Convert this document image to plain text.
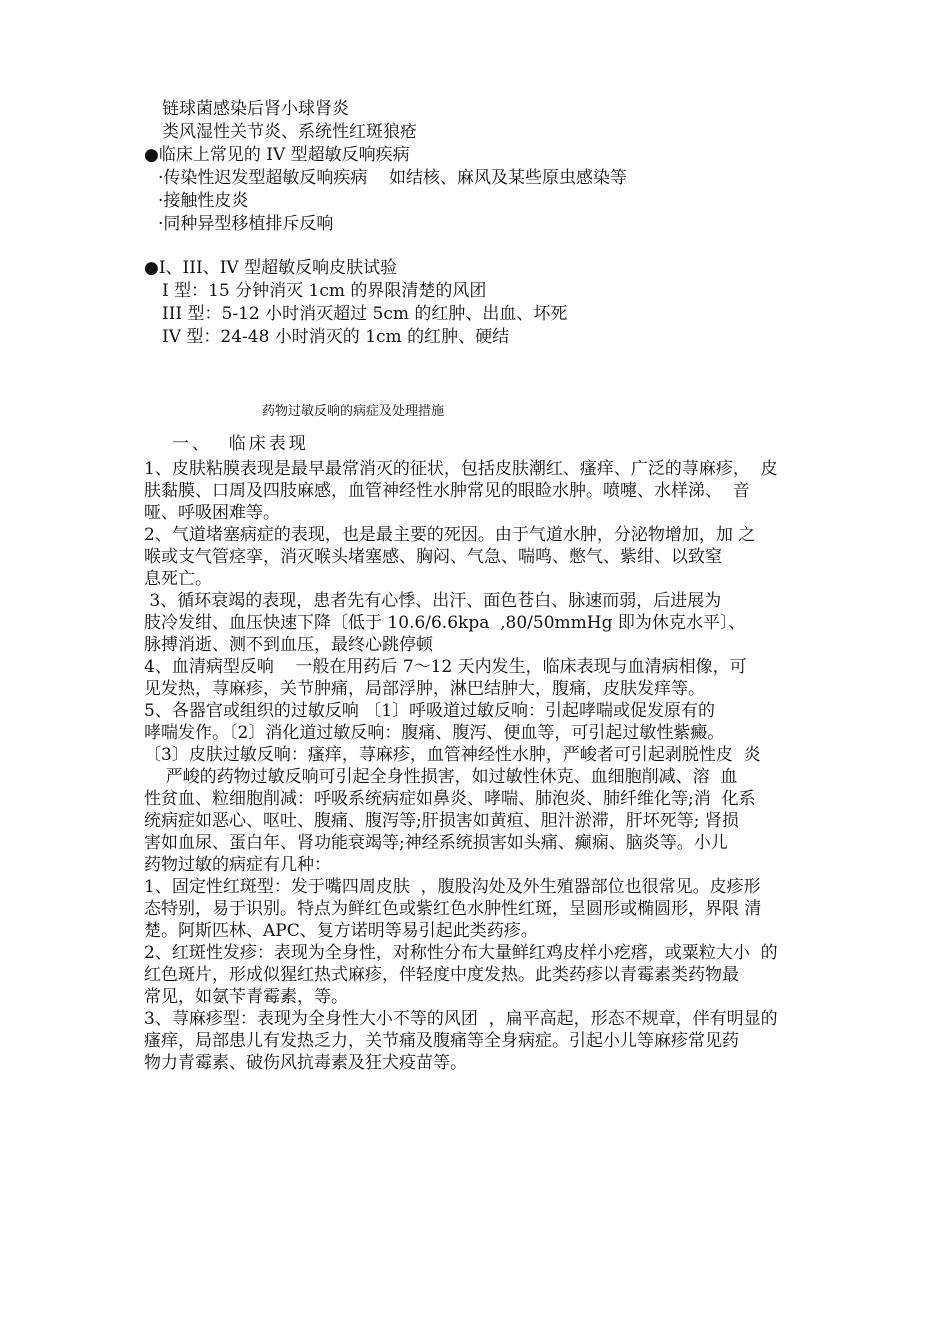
链球菌感染后肾小球肾炎
类风湿性关节炎、系统性红斑狼疮
●临床上常见的 IV 型超敏反响疾病
·传染性迟发型超敏反响疾病    如结核、麻风及某些原虫感染等
·接触性皮炎
·同种异型移植排斥反响
●I、III、IV 型超敏反响皮肤试验
I 型：15 分钟消灭 1cm 的界限清楚的风团
III 型：5-12 小时消灭超过 5cm 的红肿、出血、坏死
IV 型：24-48 小时消灭的 1cm 的红肿、硬结
药物过敏反响的病症及处理措施
一、  临床表现
1、皮肤粘膜表现是最早最常消灭的征状，包括皮肤潮红、瘙痒、广泛的荨麻疹，  皮
肤黏膜、口周及四肢麻感，血管神经性水肿常见的眼睑水肿。喷嚏、水样涕、  音
哑、呼吸困难等。
2、气道堵塞病症的表现，也是最主要的死因。由于气道水肿，分泌物增加，加 之
喉或支气管痉挛，消灭喉头堵塞感、胸闷、气急、喘鸣、憋气、紫绀、以致窒
息死亡。
3、循环衰竭的表现，患者先有心悸、出汗、面色苍白、脉速而弱，后进展为
肢冷发绀、血压快速下降〔低于 10.6/6.6kpa  ,80/50mmHg 即为休克水平〕、
脉搏消逝、测不到血压，最终心跳停顿
4、血清病型反响    一般在用药后 7～12 天内发生，临床表现与血清病相像，可
见发热，荨麻疹，关节肿痛，局部浮肿，淋巴结肿大，腹痛，皮肤发痒等。
5、各器官或组织的过敏反响 〔1〕呼吸道过敏反响：引起哮喘或促发原有的
哮喘发作。〔2〕消化道过敏反响：腹痛、腹泻、便血等，可引起过敏性紫癜。
〔3〕皮肤过敏反响：瘙痒，荨麻疹，血管神经性水肿，严峻者可引起剥脱性皮  炎
严峻的药物过敏反响可引起全身性损害，如过敏性休克、血细胞削减、溶  血
性贫血、粒细胞削减：呼吸系统病症如鼻炎、哮喘、肺泡炎、肺纤维化等;消  化系
统病症如恶心、呕吐、腹痛、腹泻等;肝损害如黄疸、胆汁淤滞，肝坏死等; 肾损
害如血尿、蛋白年、肾功能衰竭等;神经系统损害如头痛、癫痫、脑炎等。小儿
药物过敏的病症有几种：
1、固定性红斑型：发于嘴四周皮肤  ，腹股沟处及外生殖器部位也很常见。皮疹形
态特别，易于识别。特点为鲜红色或紫红色水肿性红斑，呈圆形或椭圆形，界限 清
楚。阿斯匹林、APC、复方诺明等易引起此类药疹。
2、红斑性发疹：表现为全身性，对称性分布大量鲜红鸡皮样小疙瘩，或粟粒大小  的
红色斑片，形成似猩红热式麻疹，伴轻度中度发热。此类药疹以青霉素类药物最
常见，如氨苄青霉素，等。
3、荨麻疹型：表现为全身性大小不等的风团  ，扁平高起，形态不规章，伴有明显的
瘙痒，局部患儿有发热乏力，关节痛及腹痛等全身病症。引起小儿等麻疹常见药
物力青霉素、破伤风抗毒素及狂犬疫苗等。
